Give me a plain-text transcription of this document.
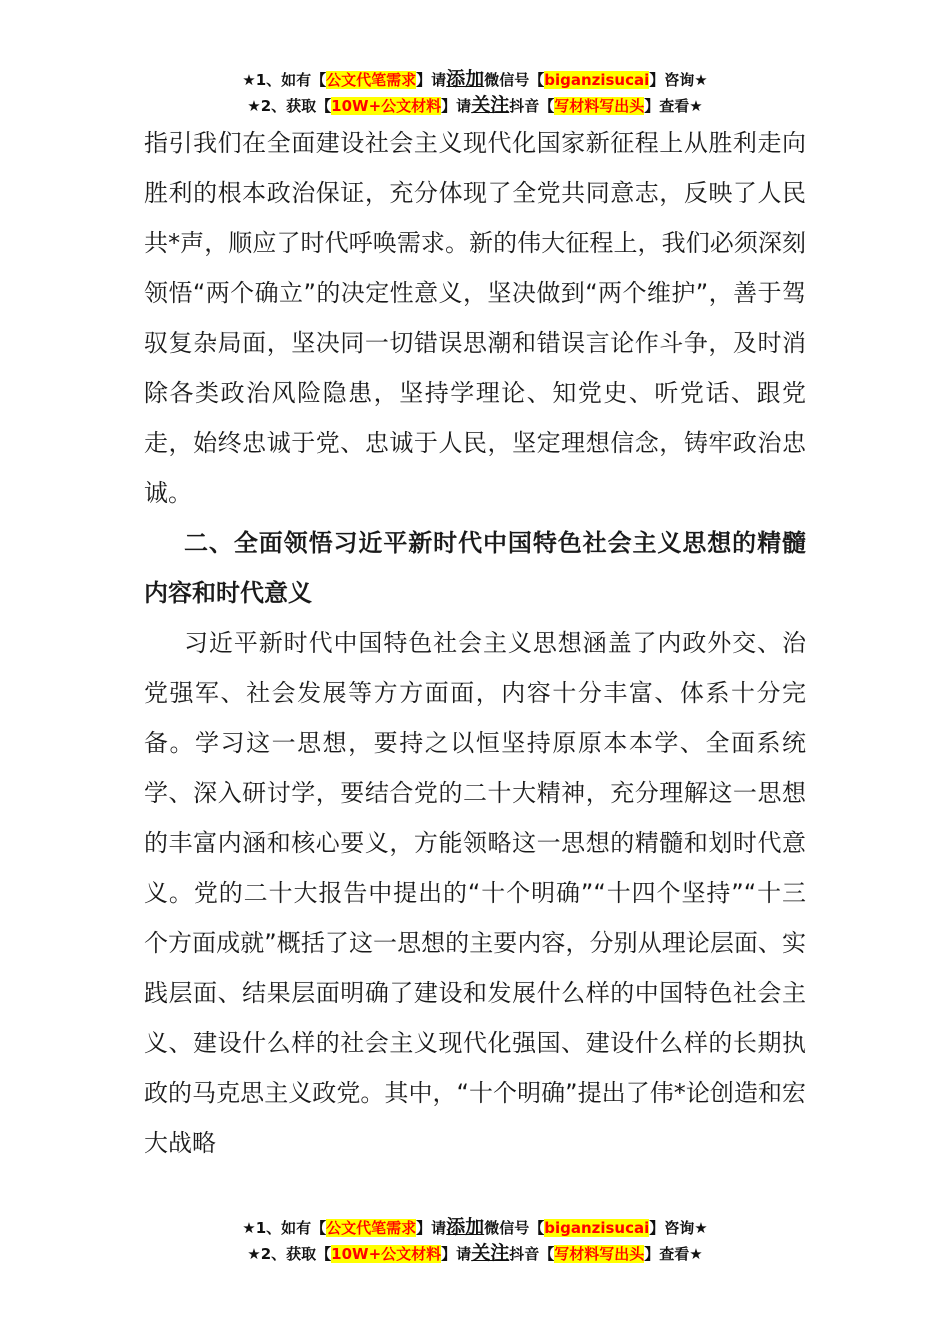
★1、如有【公文代笔需求】请添加微信号【biganzisucai】咨询★
★2、获取【10W+公文材料】请关注抖音【写材料写出头】查看★

指引我们在全面建设社会主义现代化国家新征程上从胜利走向胜利的根本政治保证，充分体现了全党共同意志，反映了人民共*声，顺应了时代呼唤需求。新的伟大征程上，我们必须深刻领悟“两个确立”的决定性意义，坚决做到“两个维护”，善于驾驭复杂局面，坚决同一切错误思潮和错误言论作斗争，及时消除各类政治风险隐患，坚持学理论、知党史、听党话、跟党走，始终忠诚于党、忠诚于人民，坚定理想信念，铸牢政治忠诚。

二、全面领悟习近平新时代中国特色社会主义思想的精髓内容和时代意义

习近平新时代中国特色社会主义思想涵盖了内政外交、治党强军、社会发展等方方面面，内容十分丰富、体系十分完备。学习这一思想，要持之以恒坚持原原本本学、全面系统学、深入研讨学，要结合党的二十大精神，充分理解这一思想的丰富内涵和核心要义，方能领略这一思想的精髓和划时代意义。党的二十大报告中提出的“十个明确”“十四个坚持”“十三个方面成就”概括了这一思想的主要内容，分别从理论层面、实践层面、结果层面明确了建设和发展什么样的中国特色社会主义、建设什么样的社会主义现代化强国、建设什么样的长期执政的马克思主义政党。其中，“十个明确”提出了伟*论创造和宏大战略

★1、如有【公文代笔需求】请添加微信号【biganzisucai】咨询★
★2、获取【10W+公文材料】请关注抖音【写材料写出头】查看★
